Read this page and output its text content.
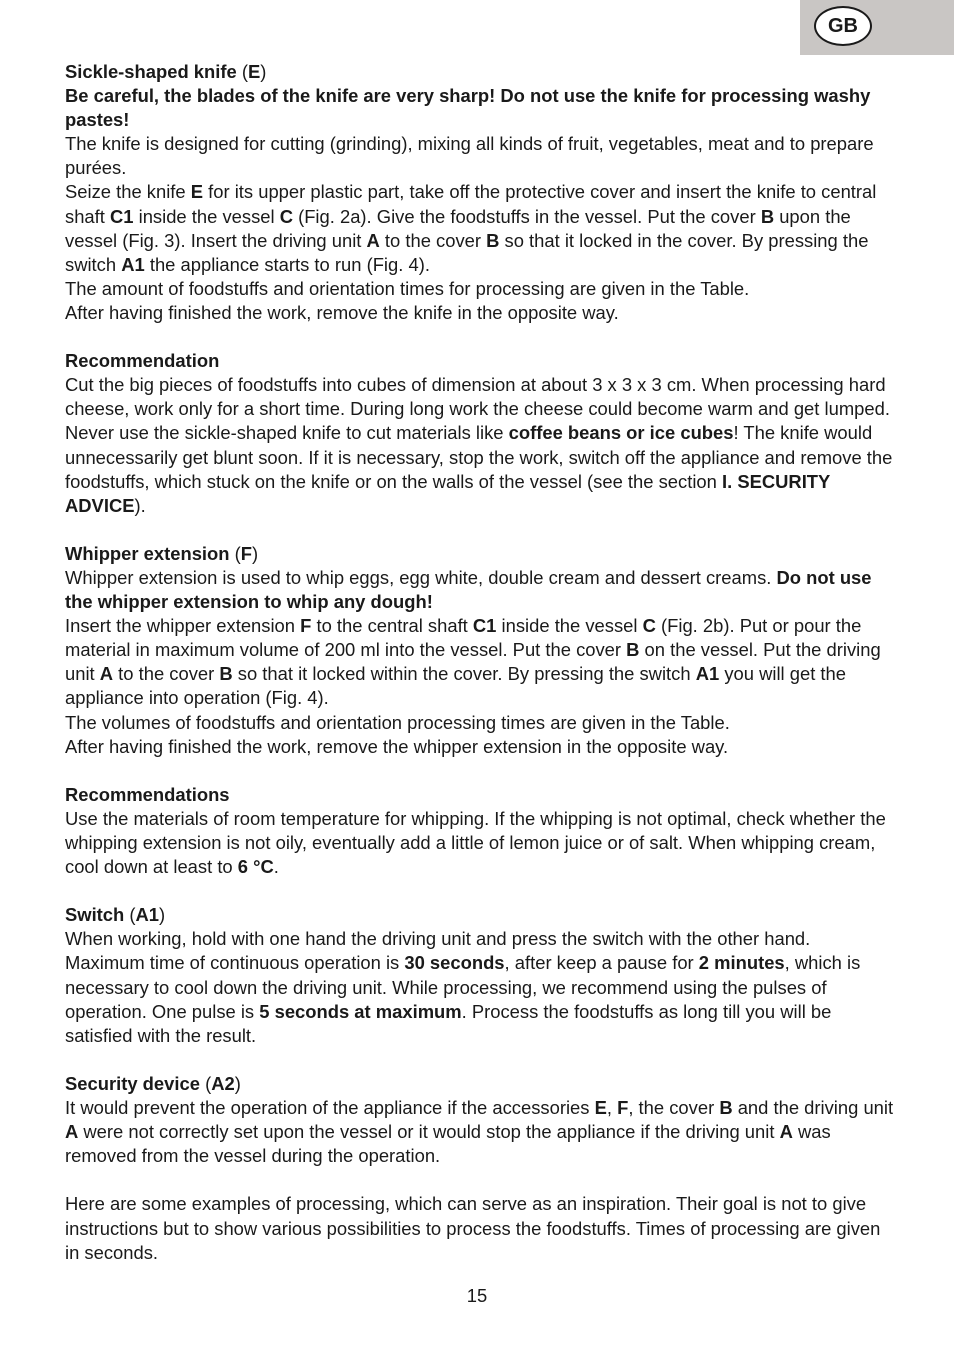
GB

Sickle-shaped knife (E)

Be careful, the blades of the knife are very sharp! Do not use the knife for processing washy pastes!

The knife is designed for cutting (grinding), mixing all kinds of fruit, vegetables, meat and to prepare purées.

Seize the knife E for its upper plastic part, take off the protective cover and insert the knife to central shaft C1 inside the vessel C (Fig. 2a). Give the foodstuffs in the vessel. Put the cover B upon the vessel (Fig. 3). Insert the driving unit A to the cover B so that it locked in the cover. By pressing the switch A1 the appliance starts to run (Fig. 4).

The amount of foodstuffs and orientation times for processing are given in the Table.

After having finished the work, remove the knife in the opposite way.

Recommendation

Cut the big pieces of foodstuffs into cubes of dimension at about 3 x 3 x 3 cm. When processing hard cheese, work only for a short time. During long work the cheese could become warm and get lumped. Never use the sickle-shaped knife to cut materials like coffee beans or ice cubes! The knife would unnecessarily get blunt soon. If it is necessary, stop the work, switch off the appliance and remove the foodstuffs, which stuck on the knife or on the walls of the vessel (see the section I. SECURITY ADVICE).

Whipper extension (F)

Whipper extension is used to whip eggs, egg white, double cream and dessert creams. Do not use the whipper extension to whip any dough!

Insert the whipper extension F to the central shaft C1 inside the vessel C (Fig. 2b). Put or pour the material in maximum volume of 200 ml into the vessel. Put the cover B on the vessel. Put the driving unit A to the cover B so that it locked within the cover. By pressing the switch A1 you will get the appliance into operation (Fig. 4).

The volumes of foodstuffs and orientation processing times are given in the Table.

After having finished the work, remove the whipper extension in the opposite way.

Recommendations

Use the materials of room temperature for whipping. If the whipping is not optimal, check whether the whipping extension is not oily, eventually add a little of lemon juice or of salt. When whipping cream, cool down at least to 6 °C.

Switch (A1)

When working, hold with one hand the driving unit and press the switch with the other hand. Maximum time of continuous operation is 30 seconds, after keep a pause for 2 minutes, which is necessary to cool down the driving unit. While processing, we recommend using the pulses of operation. One pulse is 5 seconds at maximum. Process the foodstuffs as long till you will be satisfied with the result.

Security device (A2)

It would prevent the operation of the appliance if the accessories E, F, the cover B and the driving unit A were not correctly set upon the vessel or it would stop the appliance if the driving unit A was removed from the vessel during the operation.

Here are some examples of processing, which can serve as an inspiration. Their goal is not to give instructions but to show various possibilities to process the foodstuffs. Times of processing are given in seconds.

15
